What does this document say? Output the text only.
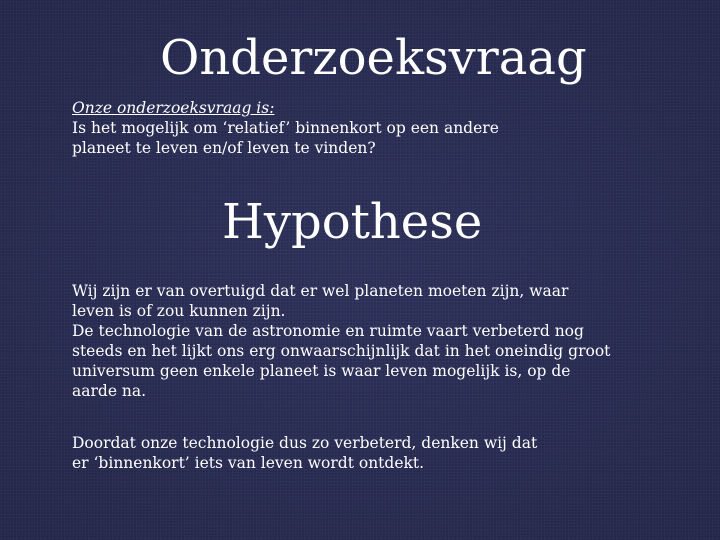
Onderzoeksvraag

Onze onderzoeksvraag is:

Is het mogelijk om ‘relatief’ binnenkort op een andere planeet te leven en/of leven te vinden?

Hypothese

Wij zijn er van overtuigd dat er wel planeten moeten zijn, waar leven is of zou kunnen zijn.

De technologie van de astronomie en ruimte vaart verbeterd nog steeds en het lijkt ons erg onwaarschijnlijk dat in het oneindig groot universum geen enkele planeet is waar leven mogelijk is, op de aarde na.

Doordat onze technologie dus zo verbeterd, denken wij dat er ‘binnenkort’ iets van leven wordt ontdekt.
